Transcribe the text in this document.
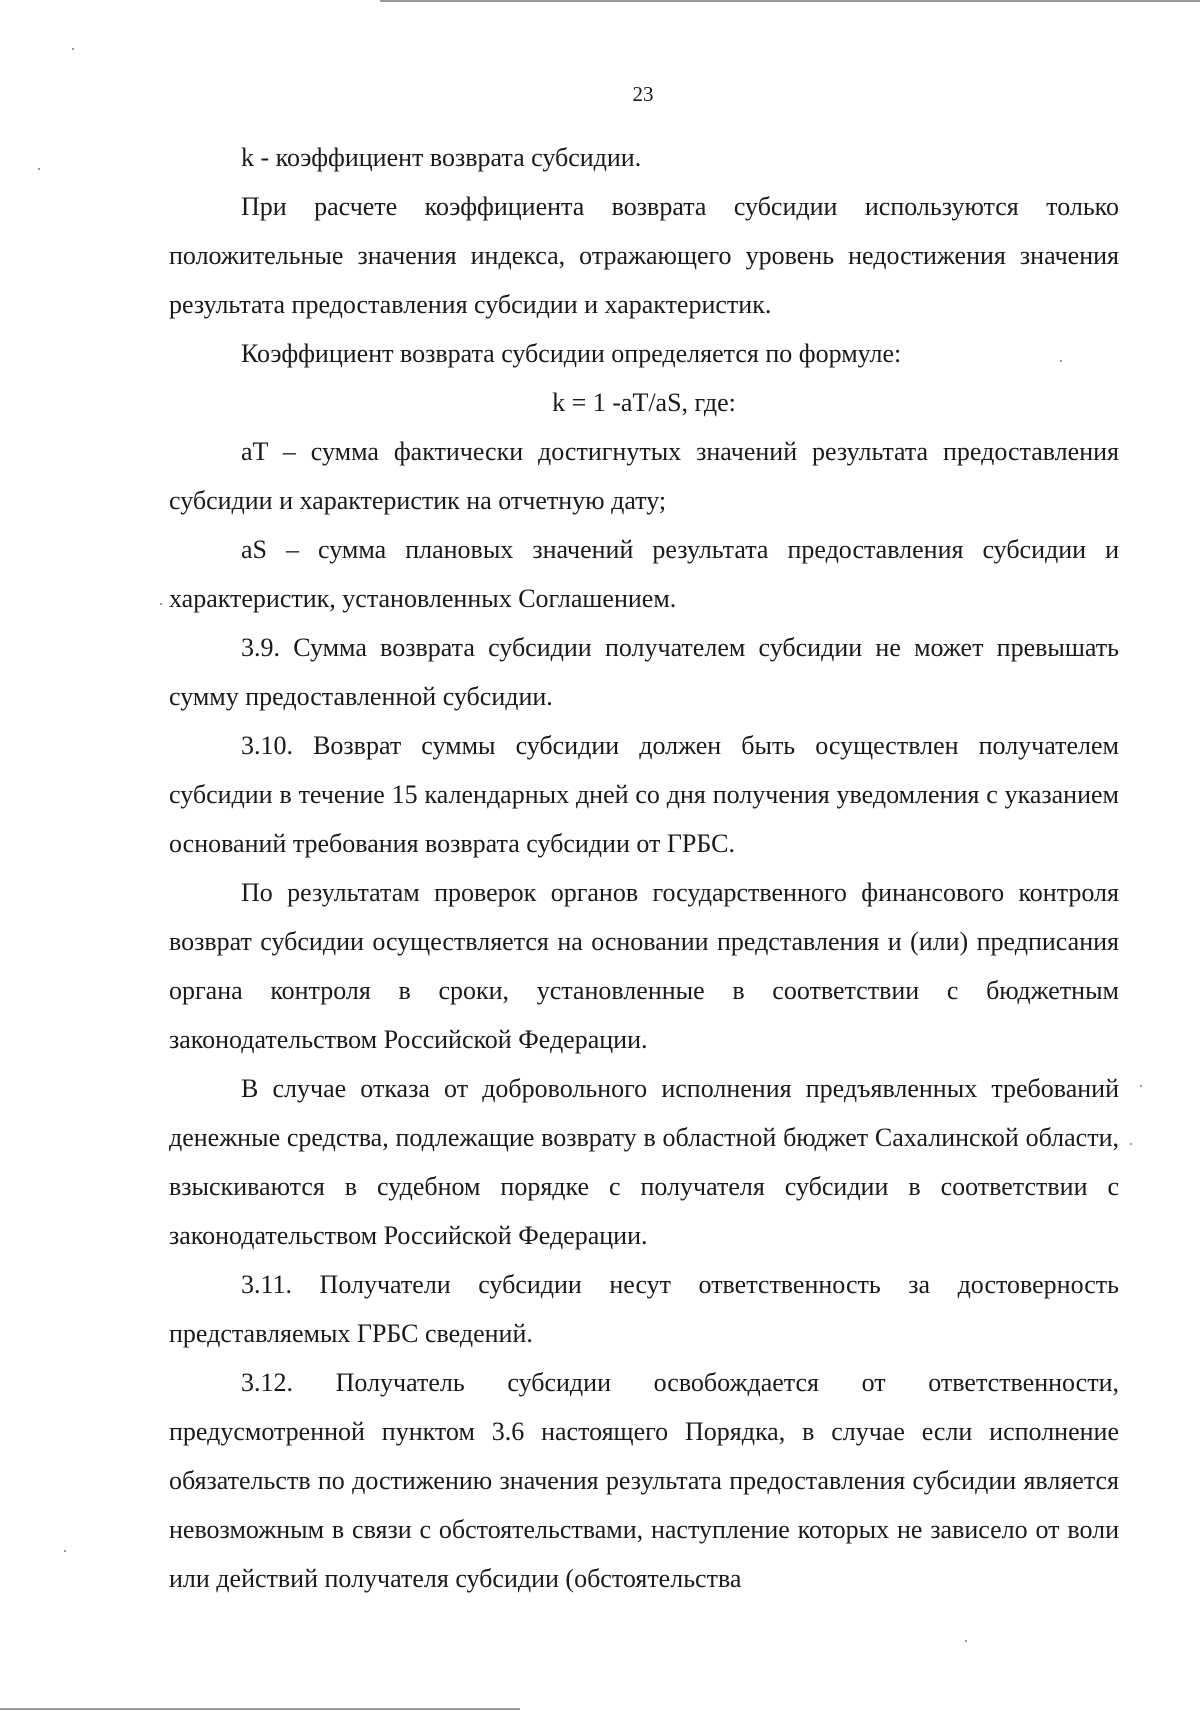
23

k - коэффициент возврата субсидии.

При расчете коэффициента возврата субсидии используются только положительные значения индекса, отражающего уровень недостижения значения результата предоставления субсидии и характеристик.

Коэффициент возврата субсидии определяется по формуле:

k = 1 -aT/aS, где:

aT – сумма фактически достигнутых значений результата предоставления субсидии и характеристик на отчетную дату;

aS – сумма плановых значений результата предоставления субсидии и характеристик, установленных Соглашением.

3.9. Сумма возврата субсидии получателем субсидии не может превышать сумму предоставленной субсидии.

3.10. Возврат суммы субсидии должен быть осуществлен получателем субсидии в течение 15 календарных дней со дня получения уведомления с указанием оснований требования возврата субсидии от ГРБС.

По результатам проверок органов государственного финансового контроля возврат субсидии осуществляется на основании представления и (или) предписания органа контроля в сроки, установленные в соответствии с бюджетным законодательством Российской Федерации.

В случае отказа от добровольного исполнения предъявленных требований денежные средства, подлежащие возврату в областной бюджет Сахалинской области, взыскиваются в судебном порядке с получателя субсидии в соответствии с законодательством Российской Федерации.

3.11. Получатели субсидии несут ответственность за достоверность представляемых ГРБС сведений.

3.12. Получатель субсидии освобождается от ответственности, предусмотренной пунктом 3.6 настоящего Порядка, в случае если исполнение обязательств по достижению значения результата предоставления субсидии является невозможным в связи с обстоятельствами, наступление которых не зависело от воли или действий получателя субсидии (обстоятельства
